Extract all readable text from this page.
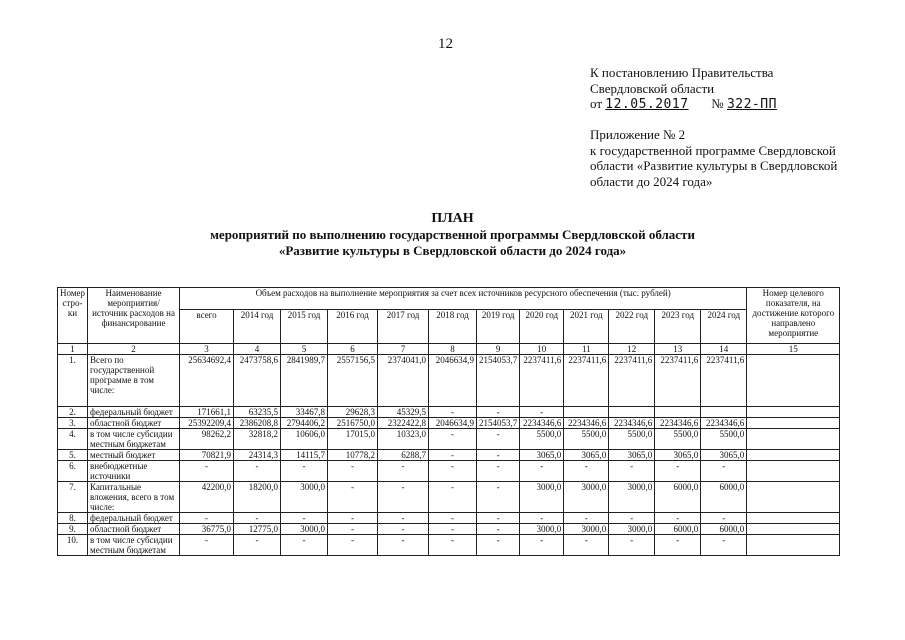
12
К постановлению Правительства
Свердловской области
от 12.05.2017 № 322-ПП
Приложение № 2
к государственной программе Свердловской
области «Развитие культуры в Свердловской
области до 2024 года»
ПЛАН
мероприятий по выполнению государственной программы Свердловской области
«Развитие культуры в Свердловской области до 2024 года»
Номер стро-ки	Наименование мероприятия/ источник расходов на финансирование	Объем расходов на выполнение мероприятия за счет всех источников ресурсного обеспечения (тыс. рублей)												Номер целевого показателя, на достижение которого направлено мероприятие
		всего	2014 год	2015 год	2016 год	2017 год	2018 год	2019 год	2020 год	2021 год	2022 год	2023 год	2024 год	
1	2	3	4	5	6	7	8	9	10	11	12	13	14	15
1.	Всего по государственной программе в том числе:	25634692,4	2473758,6	2841989,7	2557156,5	2374041,0	2046634,9	2154053,7	2237411,6	2237411,6	2237411,6	2237411,6	2237411,6	
2.	федеральный бюджет	171661,1	63235,5	33467,8	29628,3	45329,5	-	-	-					
3.	областной бюджет	25392209,4	2386208,8	2794406,2	2516750,0	2322422,8	2046634,9	2154053,7	2234346,6	2234346,6	2234346,6	2234346,6	2234346,6	
4.	в том числе субсидии местным бюджетам	98262,2	32818,2	10606,0	17015,0	10323,0	-	-	5500,0	5500,0	5500,0	5500,0	5500,0	
5.	местный бюджет	70821,9	24314,3	14115,7	10778,2	6288,7	-	-	3065,0	3065,0	3065,0	3065,0	3065,0	
6.	внебюджетные источники	-	-	-	-	-	-	-	-	-	-	-	-	
7.	Капитальные вложения, всего в том числе:	42200,0	18200,0	3000,0	-	-	-	-	3000,0	3000,0	3000,0	6000,0	6000,0	
8.	федеральный бюджет	-	-	-	-	-	-	-	-	-	-	-	-	
9.	областной бюджет	36775,0	12775,0	3000,0	-	-	-	-	3000,0	3000,0	3000,0	6000,0	6000,0	
10.	в том числе субсидии местным бюджетам	-	-	-	-	-	-	-	-	-	-	-	-	
